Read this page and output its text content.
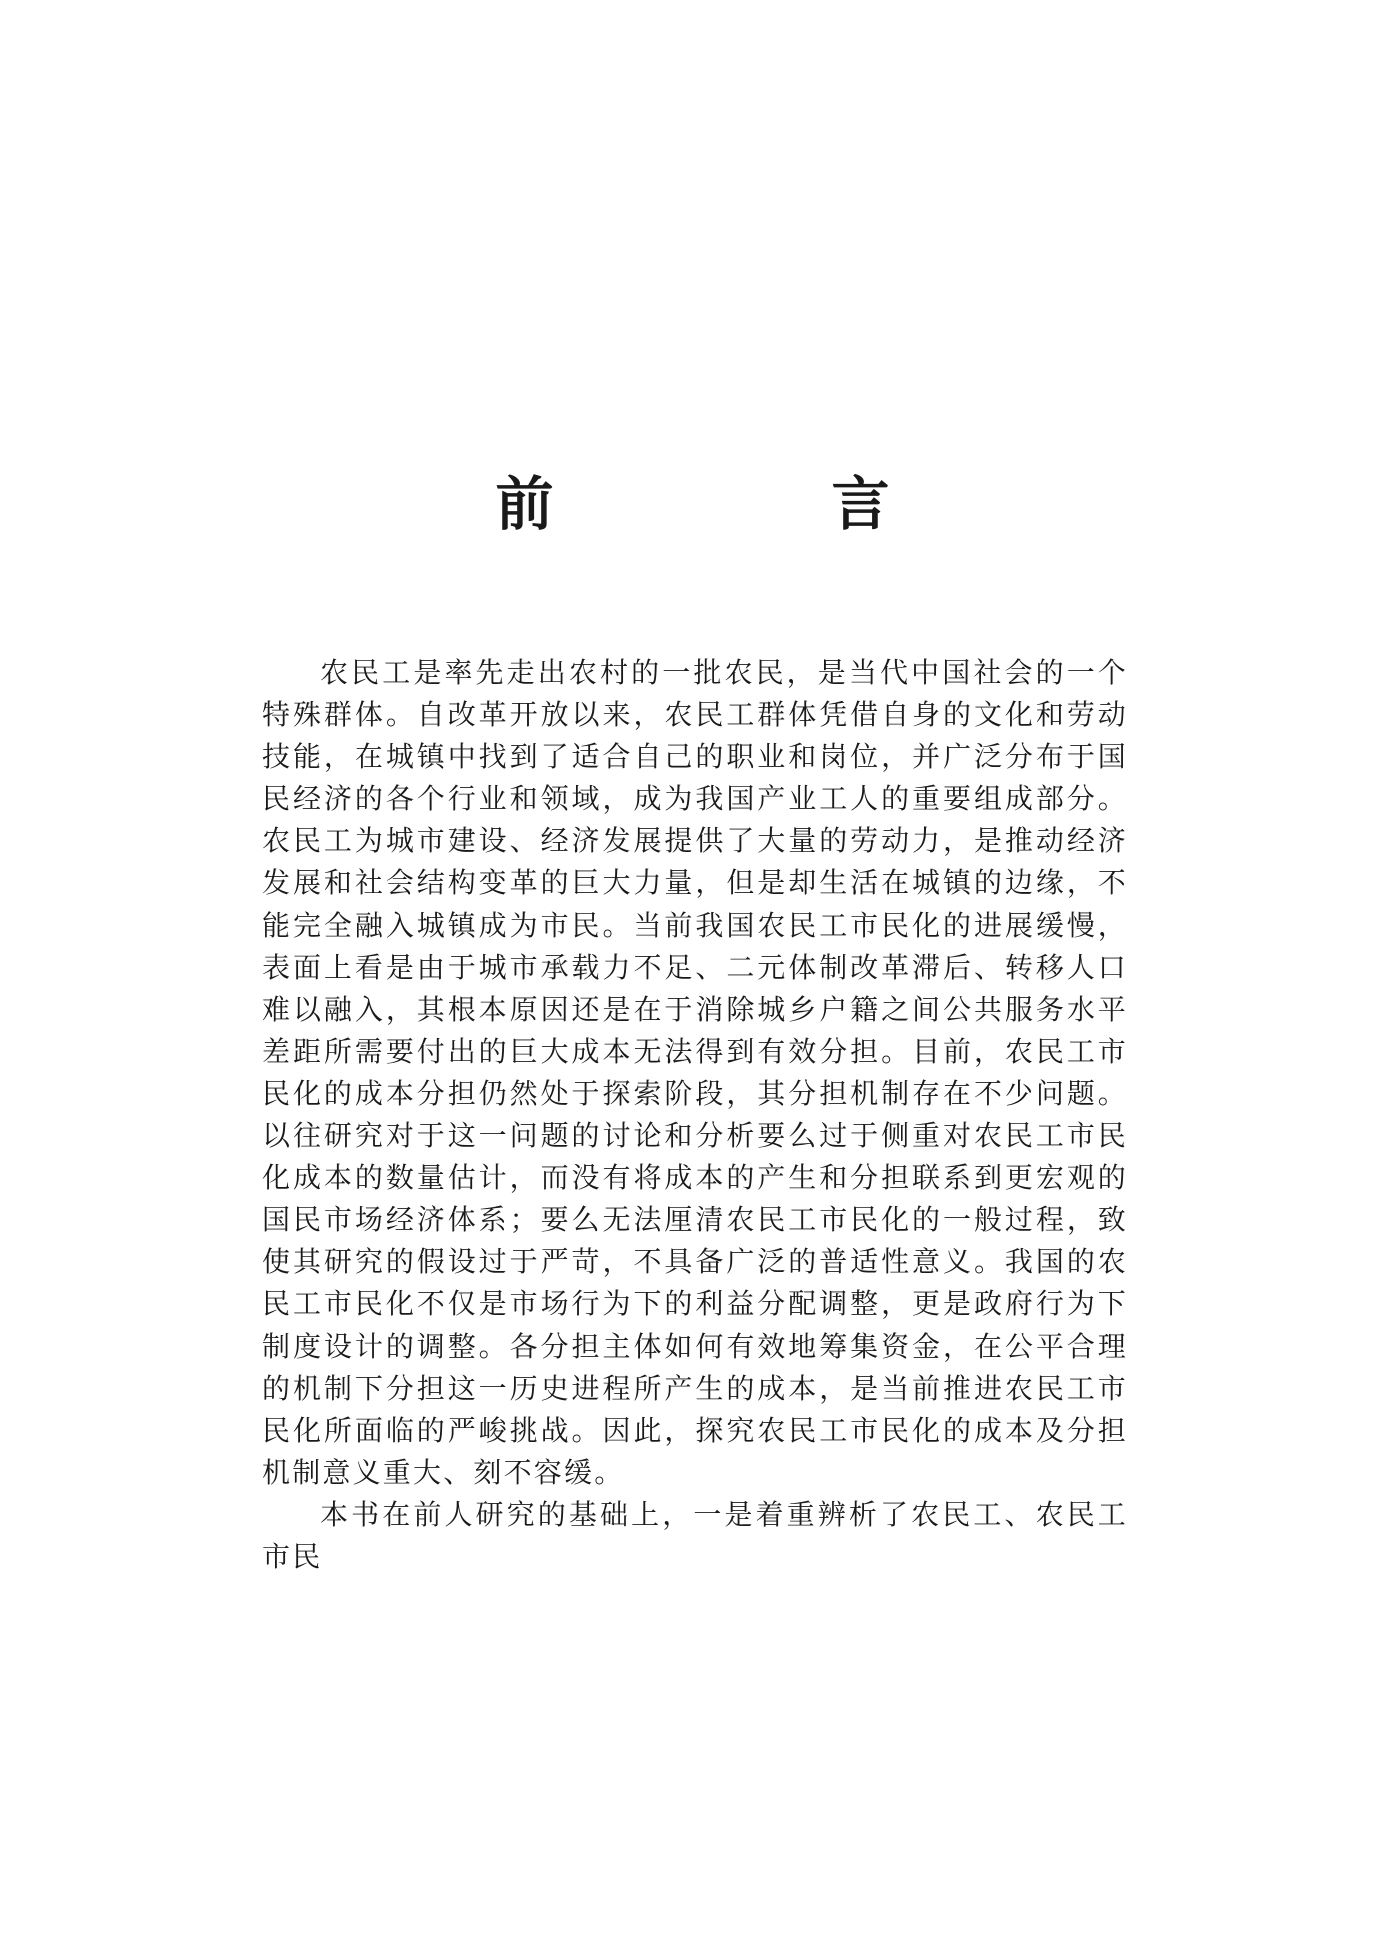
前　言

农民工是率先走出农村的一批农民，是当代中国社会的一个特殊群体。自改革开放以来，农民工群体凭借自身的文化和劳动技能，在城镇中找到了适合自己的职业和岗位，并广泛分布于国民经济的各个行业和领域，成为我国产业工人的重要组成部分。农民工为城市建设、经济发展提供了大量的劳动力，是推动经济发展和社会结构变革的巨大力量，但是却生活在城镇的边缘，不能完全融入城镇成为市民。当前我国农民工市民化的进展缓慢，表面上看是由于城市承载力不足、二元体制改革滞后、转移人口难以融入，其根本原因还是在于消除城乡户籍之间公共服务水平差距所需要付出的巨大成本无法得到有效分担。目前，农民工市民化的成本分担仍然处于探索阶段，其分担机制存在不少问题。以往研究对于这一问题的讨论和分析要么过于侧重对农民工市民化成本的数量估计，而没有将成本的产生和分担联系到更宏观的国民市场经济体系；要么无法厘清农民工市民化的一般过程，致使其研究的假设过于严苛，不具备广泛的普适性意义。我国的农民工市民化不仅是市场行为下的利益分配调整，更是政府行为下制度设计的调整。各分担主体如何有效地筹集资金，在公平合理的机制下分担这一历史进程所产生的成本，是当前推进农民工市民化所面临的严峻挑战。因此，探究农民工市民化的成本及分担机制意义重大、刻不容缓。

本书在前人研究的基础上，一是着重辨析了农民工、农民工市民
